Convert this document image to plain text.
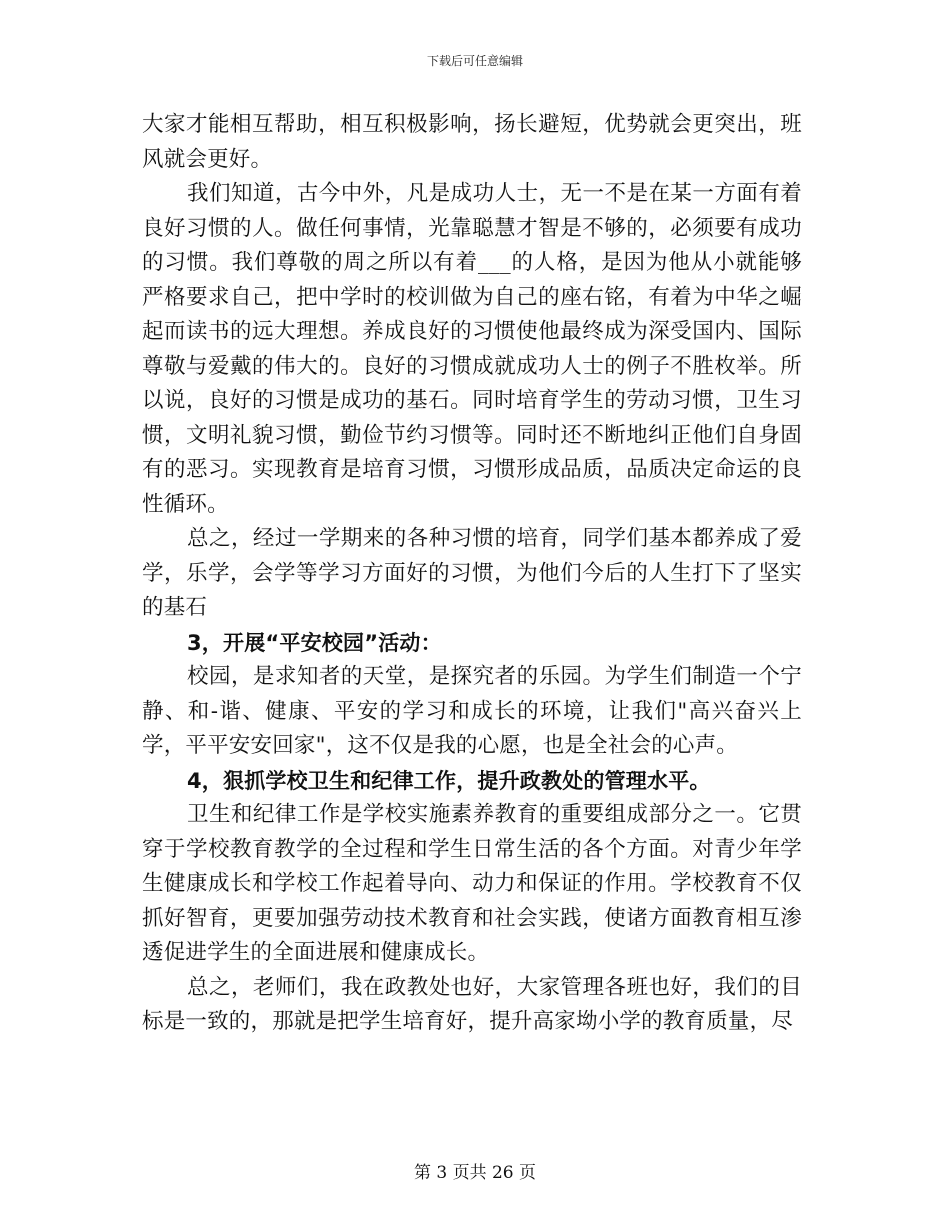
下载后可任意编辑

大家才能相互帮助，相互积极影响，扬长避短，优势就会更突出，班风就会更好。

我们知道，古今中外，凡是成功人士，无一不是在某一方面有着良好习惯的人。做任何事情，光靠聪慧才智是不够的，必须要有成功的习惯。我们尊敬的周之所以有着___的人格，是因为他从小就能够严格要求自己，把中学时的校训做为自己的座右铭，有着为中华之崛起而读书的远大理想。养成良好的习惯使他最终成为深受国内、国际尊敬与爱戴的伟大的。良好的习惯成就成功人士的例子不胜枚举。所以说，良好的习惯是成功的基石。同时培育学生的劳动习惯，卫生习惯，文明礼貌习惯，勤俭节约习惯等。同时还不断地纠正他们自身固有的恶习。实现教育是培育习惯，习惯形成品质，品质决定命运的良性循环。

总之，经过一学期来的各种习惯的培育，同学们基本都养成了爱学，乐学，会学等学习方面好的习惯，为他们今后的人生打下了坚实的基石

3，开展“平安校园”活动：

校园，是求知者的天堂，是探究者的乐园。为学生们制造一个宁静、和-谐、健康、平安的学习和成长的环境，让我们"高兴奋兴上学，平平安安回家"，这不仅是我的心愿，也是全社会的心声。

4，狠抓学校卫生和纪律工作，提升政教处的管理水平。

卫生和纪律工作是学校实施素养教育的重要组成部分之一。它贯穿于学校教育教学的全过程和学生日常生活的各个方面。对青少年学生健康成长和学校工作起着导向、动力和保证的作用。学校教育不仅抓好智育，更要加强劳动技术教育和社会实践，使诸方面教育相互渗透促进学生的全面进展和健康成长。

总之，老师们，我在政教处也好，大家管理各班也好，我们的目标是一致的，那就是把学生培育好，提升高家坳小学的教育质量，尽

第 3 页共 26 页
